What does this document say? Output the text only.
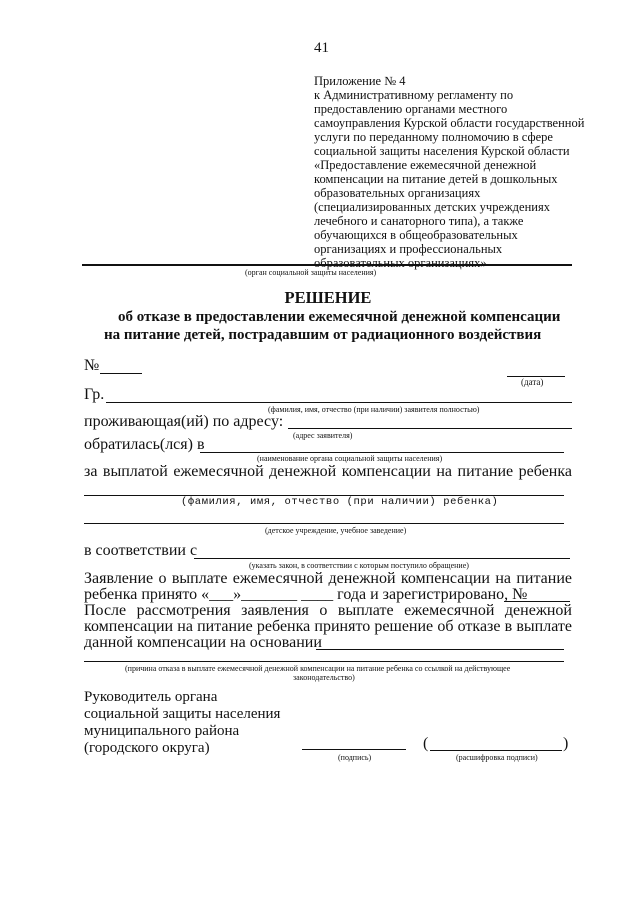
41
Приложение № 4
к Административному регламенту по
предоставлению органами местного
самоуправления Курской области государственной
услуги по переданному полномочию в сфере
социальной защиты населения Курской области
«Предоставление ежемесячной денежной
компенсации на питание детей в дошкольных
образовательных организациях
(специализированных детских учреждениях
лечебного и санаторного типа), а также
обучающихся в общеобразовательных
организациях и профессиональных
образовательных организациях»
(орган социальной защиты населения)
РЕШЕНИЕ
об отказе в предоставлении ежемесячной денежной компенсации
на питание детей, пострадавшим от радиационного воздействия
№
(дата)
Гр.
(фамилия, имя, отчество (при наличии) заявителя полностью)
проживающая(ий) по адресу:
(адрес заявителя)
обратилась(лся) в
(наименование органа социальной защиты населения)
за выплатой ежемесячной денежной компенсации на питание ребенка
(фамилия, имя, отчество (при наличии) ребенка)
(детское учреждение, учебное заведение)
в соответствии с
(указать закон, в соответствии с которым поступило обращение)
Заявление о выплате ежемесячной денежной компенсации на питание
ребенка принято «___»_______ ____ года и зарегистрировано, №
После рассмотрения заявления о выплате ежемесячной денежной
компенсации на питание ребенка принято решение об отказе в выплате
данной компенсации на основании
(причина отказа в выплате ежемесячной денежной компенсации на питание ребенка со ссылкой на действующее
законодательство)
Руководитель органа
социальной защиты населения
муниципального района
(городского округа)
(подпись)
(	)
(расшифровка подписи)
